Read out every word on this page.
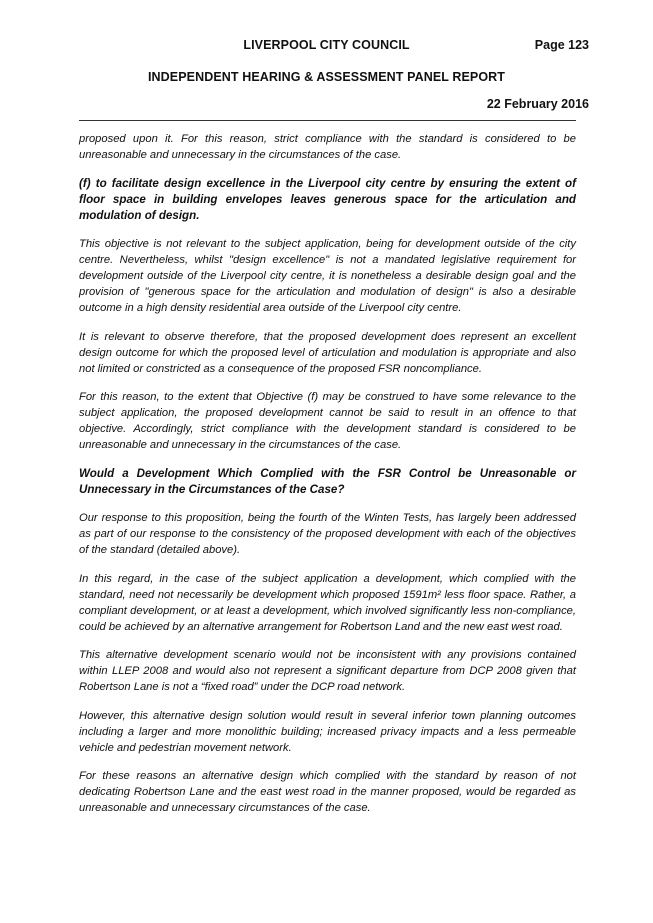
LIVERPOOL CITY COUNCIL	Page 123
INDEPENDENT HEARING & ASSESSMENT PANEL REPORT
22 February 2016

proposed upon it. For this reason, strict compliance with the standard is considered to be unreasonable and unnecessary in the circumstances of the case.

(f) to facilitate design excellence in the Liverpool city centre by ensuring the extent of floor space in building envelopes leaves generous space for the articulation and modulation of design.

This objective is not relevant to the subject application, being for development outside of the city centre. Nevertheless, whilst "design excellence" is not a mandated legislative requirement for development outside of the Liverpool city centre, it is nonetheless a desirable design goal and the provision of "generous space for the articulation and modulation of design" is also a desirable outcome in a high density residential area outside of the Liverpool city centre.

It is relevant to observe therefore, that the proposed development does represent an excellent design outcome for which the proposed level of articulation and modulation is appropriate and also not limited or constricted as a consequence of the proposed FSR noncompliance.

For this reason, to the extent that Objective (f) may be construed to have some relevance to the subject application, the proposed development cannot be said to result in an offence to that objective. Accordingly, strict compliance with the development standard is considered to be unreasonable and unnecessary in the circumstances of the case.

Would a Development Which Complied with the FSR Control be Unreasonable or Unnecessary in the Circumstances of the Case?

Our response to this proposition, being the fourth of the Winten Tests, has largely been addressed as part of our response to the consistency of the proposed development with each of the objectives of the standard (detailed above).

In this regard, in the case of the subject application a development, which complied with the standard, need not necessarily be development which proposed 1591m² less floor space. Rather, a compliant development, or at least a development, which involved significantly less non-compliance, could be achieved by an alternative arrangement for Robertson Land and the new east west road.

This alternative development scenario would not be inconsistent with any provisions contained within LLEP 2008 and would also not represent a significant departure from DCP 2008 given that Robertson Lane is not a “fixed road” under the DCP road network.

However, this alternative design solution would result in several inferior town planning outcomes including a larger and more monolithic building; increased privacy impacts and a less permeable vehicle and pedestrian movement network.

For these reasons an alternative design which complied with the standard by reason of not dedicating Robertson Lane and the east west road in the manner proposed, would be regarded as unreasonable and unnecessary circumstances of the case.
